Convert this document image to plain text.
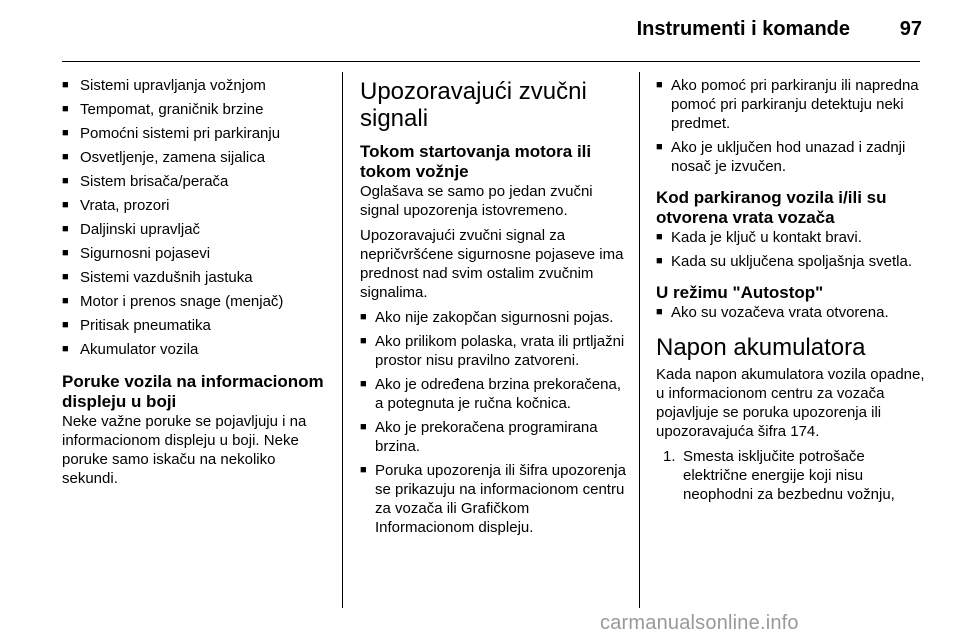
Instrumenti i komande	97
■ Sistemi upravljanja vožnjom
■ Tempomat, graničnik brzine
■ Pomoćni sistemi pri parkiranju
■ Osvetljenje, zamena sijalica
■ Sistem brisača/perača
■ Vrata, prozori
■ Daljinski upravljač
■ Sigurnosni pojasevi
■ Sistemi vazdušnih jastuka
■ Motor i prenos snage (menjač)
■ Pritisak pneumatika
■ Akumulator vozila
Poruke vozila na informacionom displeju u boji

Neke važne poruke se pojavljuju i na informacionom displeju u boji. Neke poruke samo iskaču na nekoliko sekundi.

Upozoravajući zvučni signali
Tokom startovanja motora ili tokom vožnje

Oglašava se samo po jedan zvučni signal upozorenja istovremeno.

Upozoravajući zvučni signal za nepričvršćene sigurnosne pojaseve ima prednost nad svim ostalim zvučnim signalima.

■ Ako nije zakopčan sigurnosni pojas.
■ Ako prilikom polaska, vrata ili prtljažni prostor nisu pravilno zatvoreni.
■ Ako je određena brzina prekoračena, a potegnuta je ručna kočnica.
■ Ako je prekoračena programirana brzina.
■ Poruka upozorenja ili šifra upozorenja se prikazuju na informacionom centru za vozača ili Grafičkom Informacionom displeju.
■ Ako pomoć pri parkiranju ili napredna pomoć pri parkiranju detektuju neki predmet.
■ Ako je uključen hod unazad i zadnji nosač je izvučen.
Kod parkiranog vozila i/ili su otvorena vrata vozača
■ Kada je ključ u kontakt bravi.
■ Kada su uključena spoljašnja svetla.
U režimu "Autostop"
■ Ako su vozačeva vrata otvorena.
Napon akumulatora

Kada napon akumulatora vozila opadne, u informacionom centru za vozača pojavljuje se poruka upozorenja ili upozoravajuća šifra 174.

1. Smesta isključite potrošače električne energije koji nisu neophodni za bezbednu vožnju,
carmanualsonline.info
